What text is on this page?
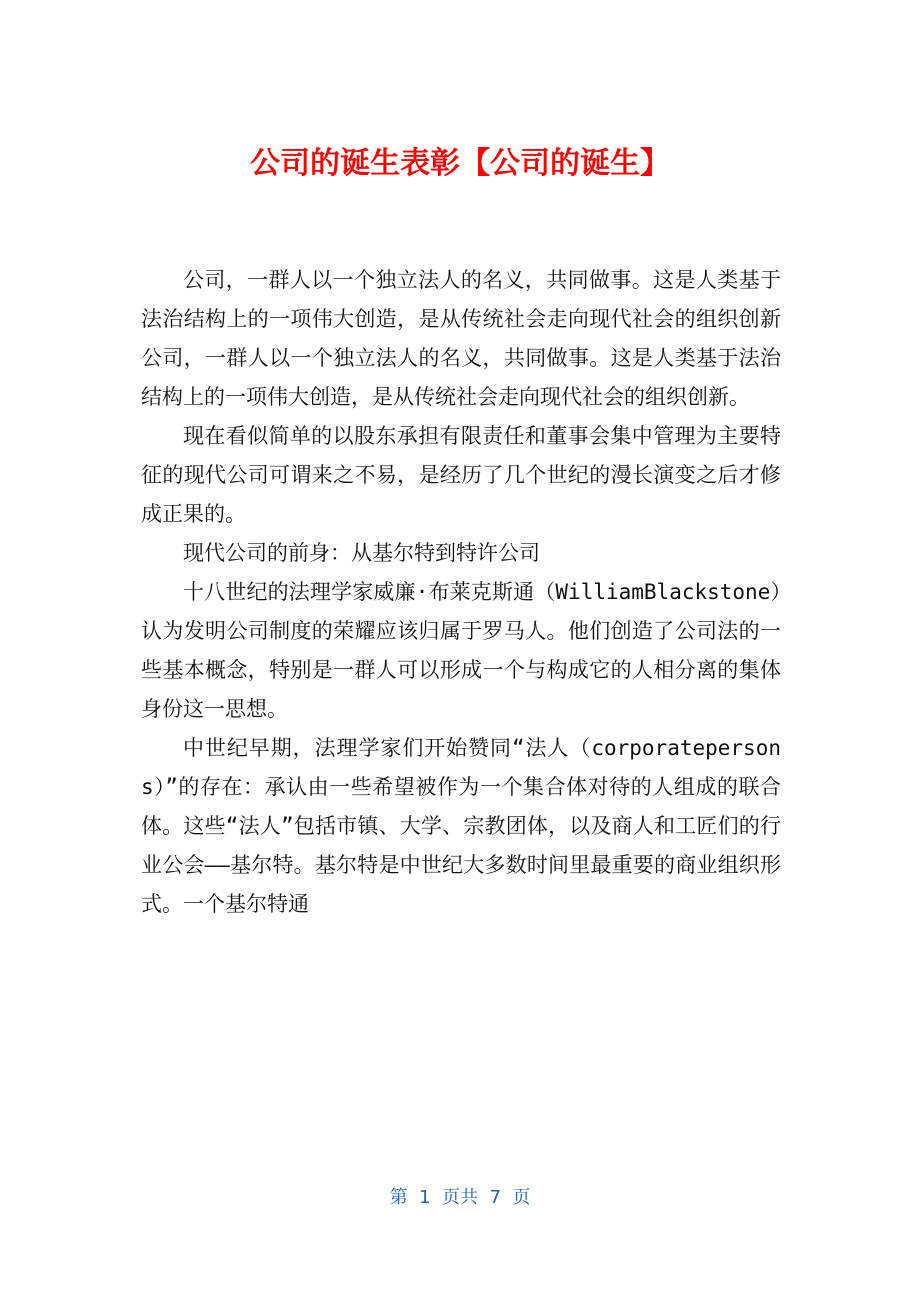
公司的诞生表彰【公司的诞生】

公司，一群人以一个独立法人的名义，共同做事。这是人类基于法治结构上的一项伟大创造，是从传统社会走向现代社会的组织创新公司，一群人以一个独立法人的名义，共同做事。这是人类基于法治结构上的一项伟大创造，是从传统社会走向现代社会的组织创新。

现在看似简单的以股东承担有限责任和董事会集中管理为主要特征的现代公司可谓来之不易，是经历了几个世纪的漫长演变之后才修成正果的。

现代公司的前身：从基尔特到特许公司

十八世纪的法理学家威廉·布莱克斯通（WilliamBlackstone）认为发明公司制度的荣耀应该归属于罗马人。他们创造了公司法的一些基本概念，特别是一群人可以形成一个与构成它的人相分离的集体身份这一思想。

中世纪早期，法理学家们开始赞同“法人（corporatepersons）”的存在：承认由一些希望被作为一个集合体对待的人组成的联合体。这些“法人”包括市镇、大学、宗教团体，以及商人和工匠们的行业公会——基尔特。基尔特是中世纪大多数时间里最重要的商业组织形式。一个基尔特通

第  1  页共  7  页
